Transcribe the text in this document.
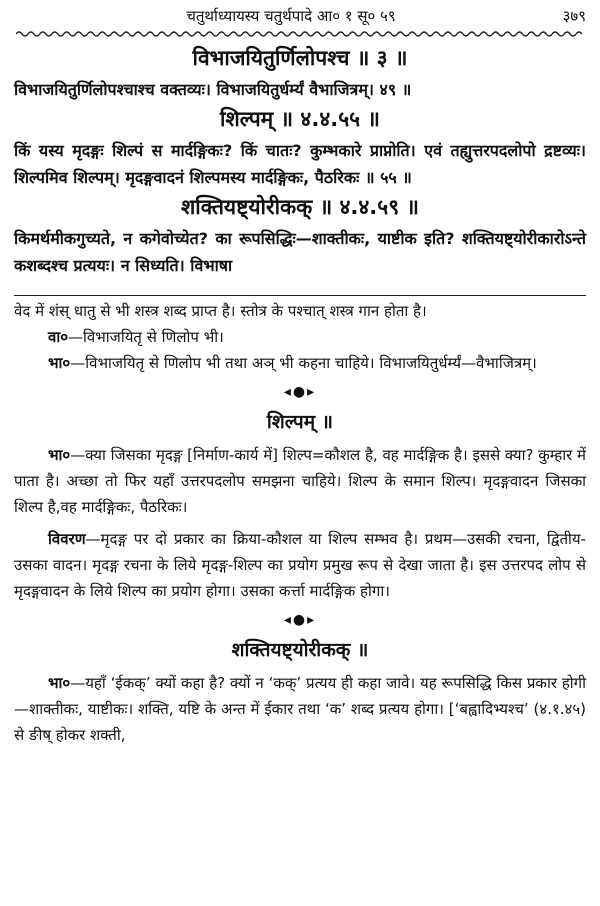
चतुर्थाध्यायस्य चतुर्थपादे आ० १ सू० ५९	३७९
विभाजयितुर्णिलोपश्च ॥ ३ ॥

विभाजयितुर्णिलोपश्चाश्च वक्तव्यः। विभाजयितुर्धर्म्यं वैभाजित्रम्। ४९ ॥

शिल्पम् ॥ ४.४.५५ ॥

किं यस्य मृदङ्गः शिल्पं स मार्दङ्गिकः? किं चातः? कुम्भकारे प्राप्नोति। एवं तह्युत्तरपदलोपो द्रष्टव्यः। शिल्पमिव शिल्पम्। मृदङ्गवादनं शिल्पमस्य मार्दङ्गिकः, पैठरिकः ॥ ५५ ॥

शक्तियष्ट्योरीकक् ॥ ४.४.५९ ॥

किमर्थमीकगुच्यते, न कगेवोच्येत? का रूपसिद्धिः—शाक्तीकः, याष्टीक इति? शक्तियष्ट्योरीकारोऽन्ते कशब्दश्च प्रत्ययः। न सिध्यति। विभाषा

वेद में शंस् धातु से भी शस्त्र शब्द प्राप्त है। स्तोत्र के पश्चात् शस्त्र गान होता है।

वा०—विभाजयितृ से णिलोप भी।

भा०—विभाजयितृ से णिलोप भी तथा अञ् भी कहना चाहिये। विभाजयितुर्धर्म्यं—वैभाजित्रम्।

◂●▸
शिल्पम् ॥

भा०—क्या जिसका मृदङ्ग [निर्माण-कार्य में] शिल्प=कौशल है, वह मार्दङ्गिक है। इससे क्या? कुम्हार में पाता है। अच्छा तो फिर यहाँ उत्तरपदलोप समझना चाहिये। शिल्प के समान शिल्प। मृदङ्गवादन जिसका शिल्प है,वह मार्दङ्गिकः, पैठरिकः।

विवरण—मृदङ्ग पर दो प्रकार का क्रिया-कौशल या शिल्प सम्भव है। प्रथम—उसकी रचना, द्वितीय- उसका वादन। मृदङ्ग रचना के लिये मृदङ्ग-शिल्प का प्रयोग प्रमुख रूप से देखा जाता है। इस उत्तरपद लोप से मृदङ्गवादन के लिये शिल्प का प्रयोग होगा। उसका कर्त्ता मार्दङ्गिक होगा।

◂●▸
शक्तियष्ट्योरीकक् ॥

भा०—यहाँ ‘ईकक्’ क्यों कहा है? क्यों न ‘कक्’ प्रत्यय ही कहा जावे। यह रूपसिद्धि किस प्रकार होगी—शाक्तीकः, याष्टीकः। शक्ति, यष्टि के अन्त में ईकार तथा ‘क’ शब्द प्रत्यय होगा। [‘बह्वादिभ्यश्च’ (४.१.४५) से ङीष् होकर शक्ती,
